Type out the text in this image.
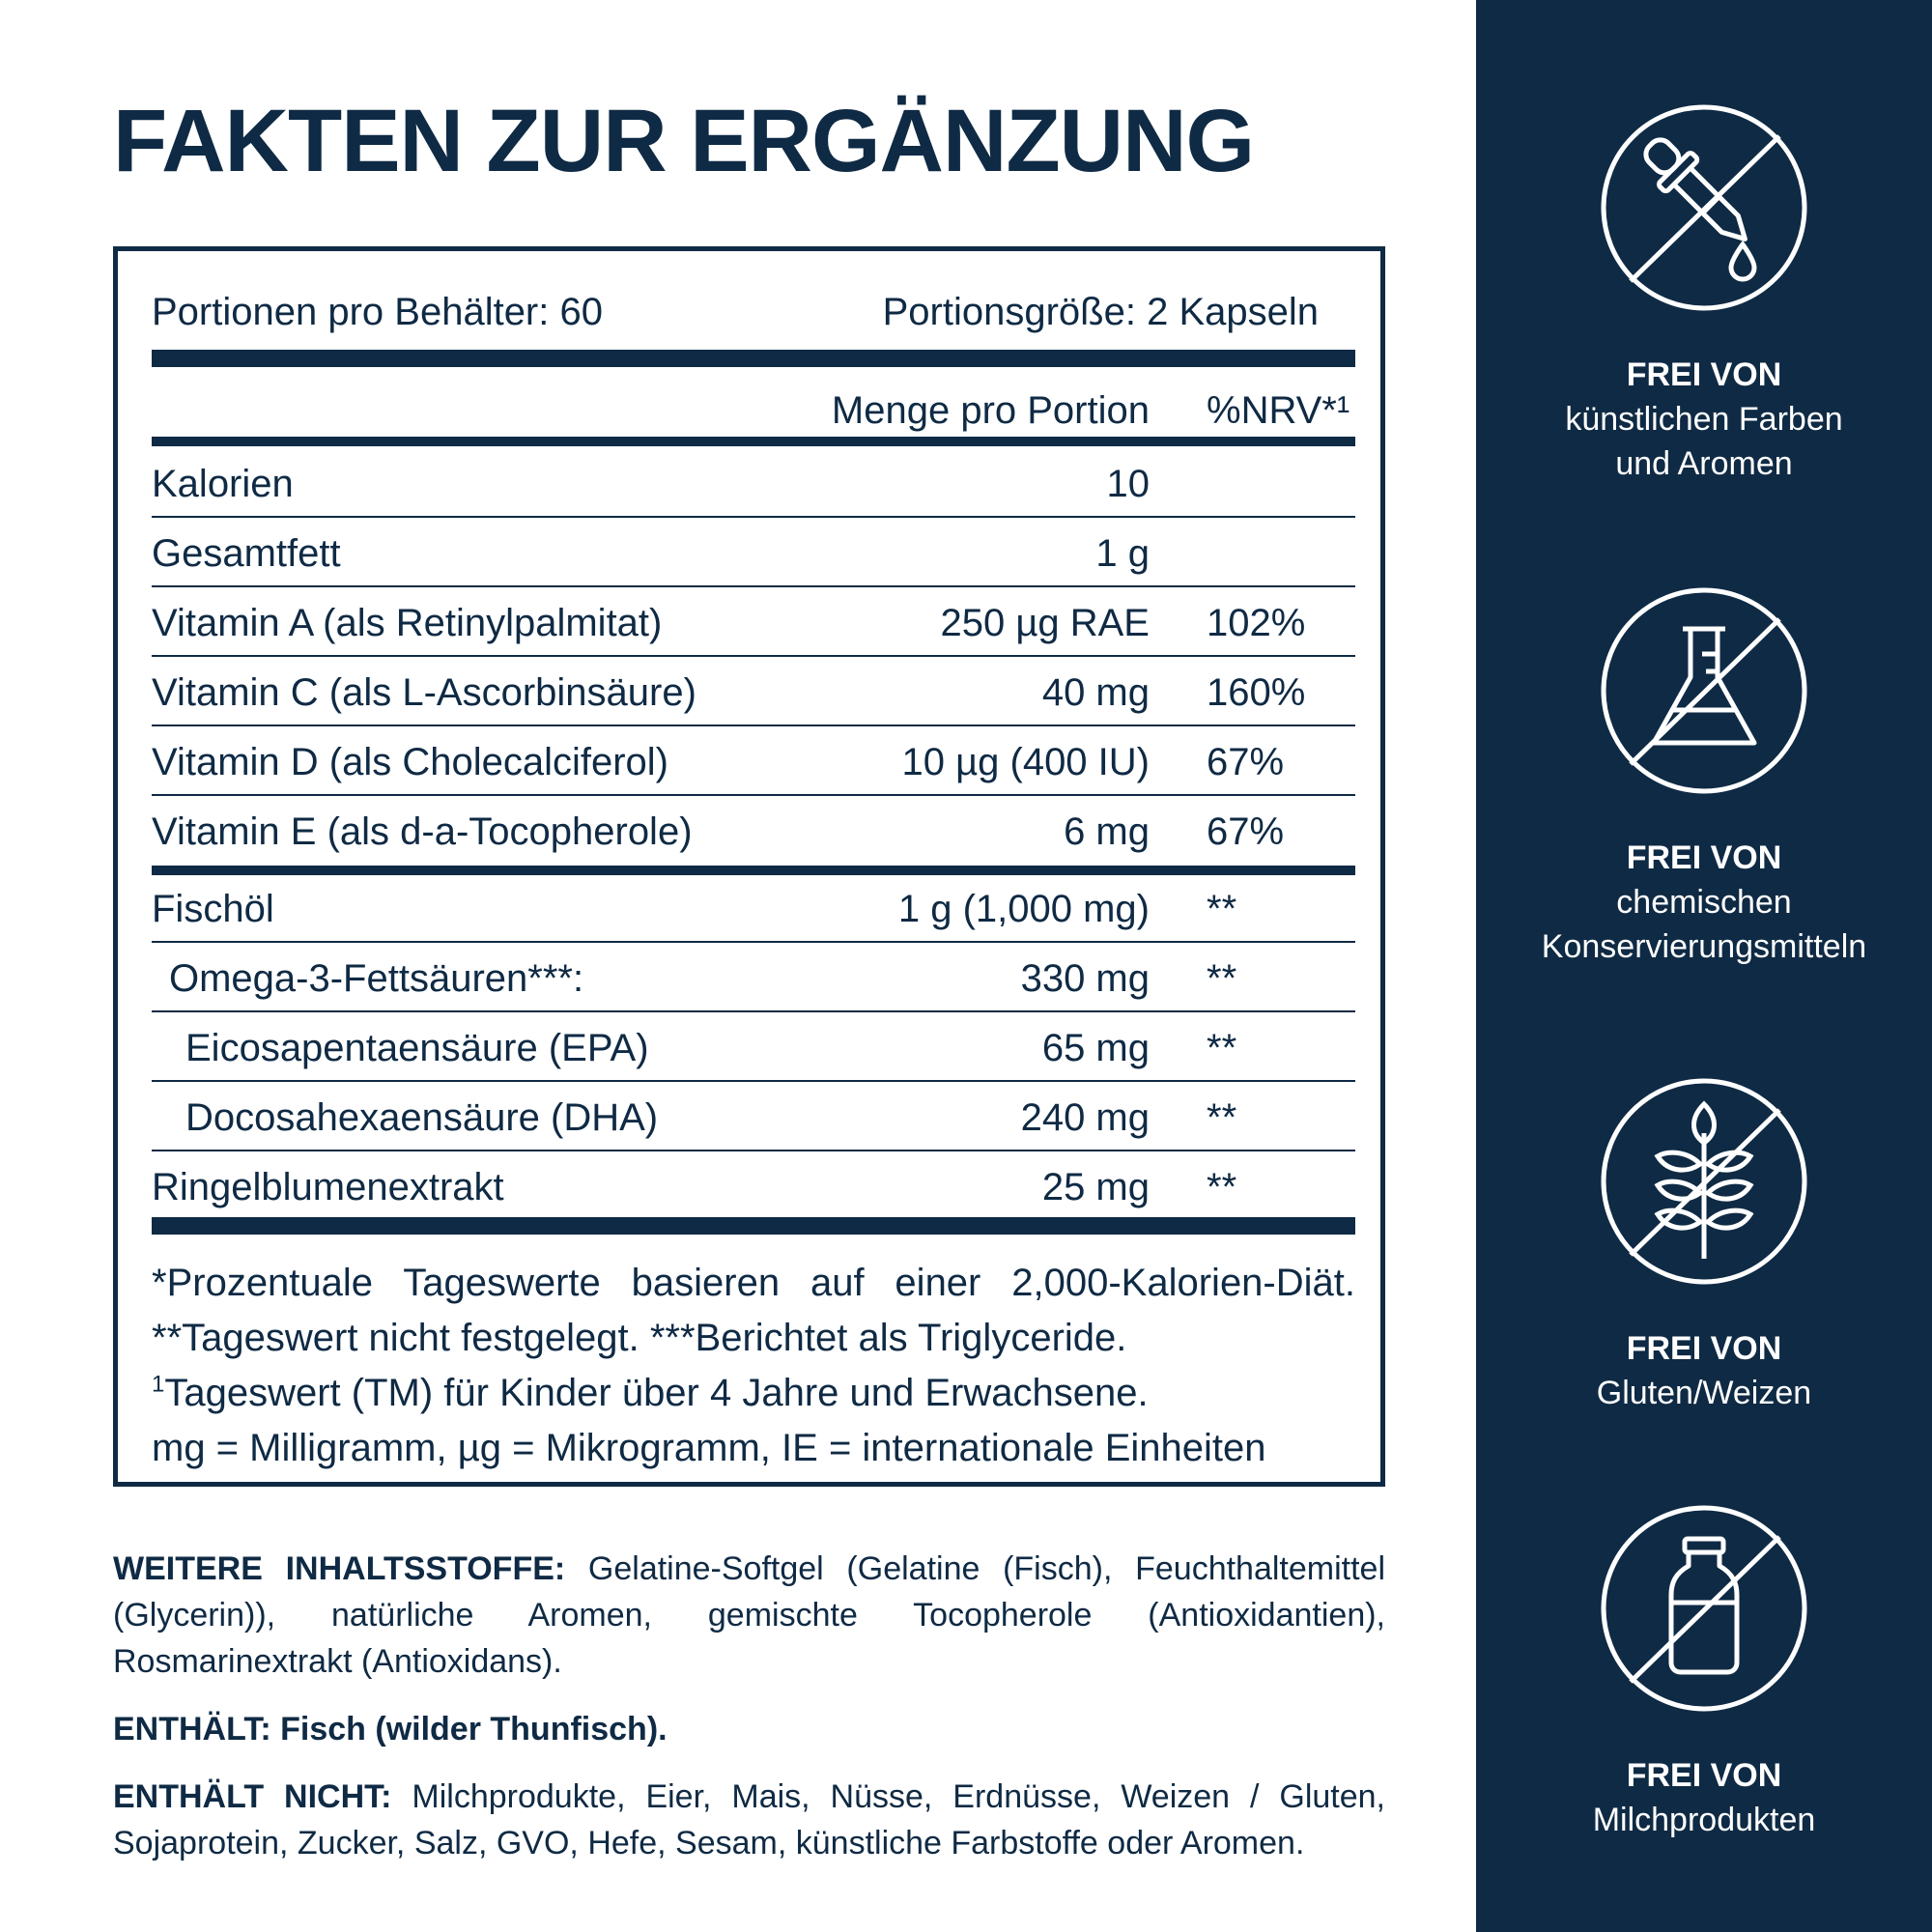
FAKTEN ZUR ERGÄNZUNG
Portionen pro Behälter: 60	Portionsgröße: 2 Kapseln
Menge pro Portion %NRV*¹
Kalorien	10
Gesamtfett	1 g
Vitamin A (als Retinylpalmitat)	250 µg RAE 102%
Vitamin C (als L-Ascorbinsäure)	40 mg 160%
Vitamin D (als Cholecalciferol)	10 µg (400 IU) 67%
Vitamin E (als d-a-Tocopherole)	6 mg 67%
Fischöl	1 g (1,000 mg) **
Omega-3-Fettsäuren***:	330 mg **
Eicosapentaensäure (EPA)	65 mg **
Docosahexaensäure (DHA)	240 mg **
Ringelblumenextrakt	25 mg **

*Prozentuale Tageswerte basieren auf einer 2,000-Kalorien-Diät. **Tageswert nicht festgelegt. ***Berichtet als Triglyceride.

$^1$Tageswert (TM) für Kinder über 4 Jahre und Erwachsene.

mg = Milligramm, µg = Mikrogramm, IE = internationale Einheiten

WEITERE INHALTSSTOFFE: Gelatine-Softgel (Gelatine (Fisch), Feuchthaltemittel (Glycerin)), natürliche Aromen, gemischte Tocopherole (Antioxidantien), Rosmarinextrakt (Antioxidans).

ENTHÄLT: Fisch (wilder Thunfisch).

ENTHÄLT NICHT: Milchprodukte, Eier, Mais, Nüsse, Erdnüsse, Weizen / Gluten, Sojaprotein, Zucker, Salz, GVO, Hefe, Sesam, künstliche Farbstoffe oder Aromen.

FREI VON
künstlichen Farben
und Aromen
FREI VON
chemischen
Konservierungsmitteln
FREI VON
Gluten/Weizen
FREI VON
Milchprodukten
